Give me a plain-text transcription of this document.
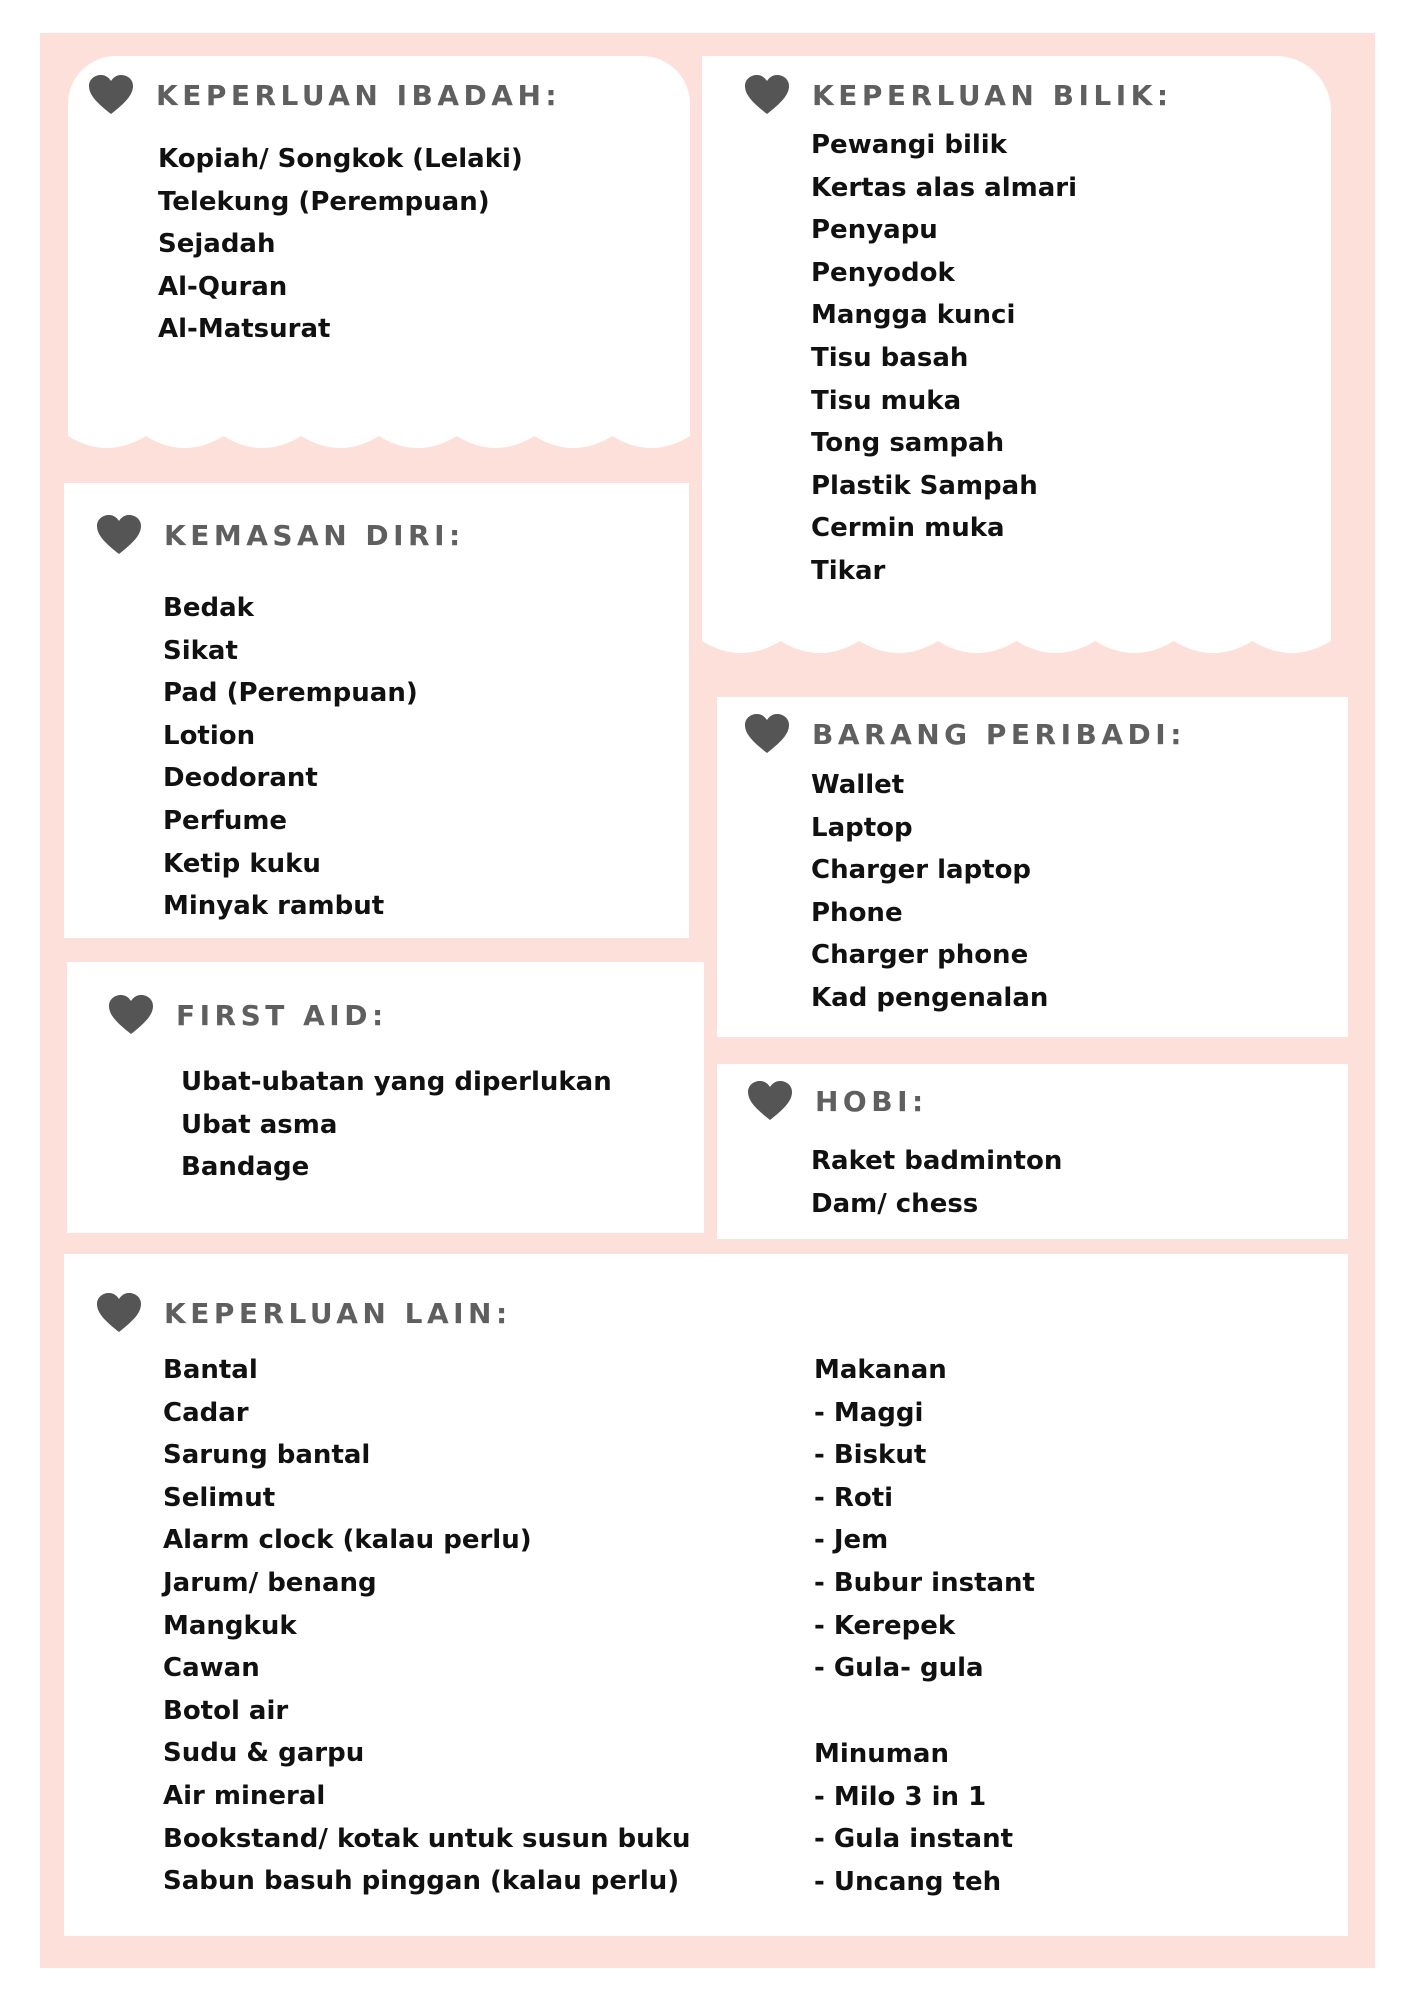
KEPERLUAN IBADAH:
Kopiah/ Songkok (Lelaki)
Telekung (Perempuan)
Sejadah
Al-Quran
Al-Matsurat
KEPERLUAN BILIK:
Pewangi bilik
Kertas alas almari
Penyapu
Penyodok
Mangga kunci
Tisu basah
Tisu muka
Tong sampah
Plastik Sampah
Cermin muka
Tikar
KEMASAN DIRI:
Bedak
Sikat
Pad (Perempuan)
Lotion
Deodorant
Perfume
Ketip kuku
Minyak rambut
BARANG PERIBADI:
Wallet
Laptop
Charger laptop
Phone
Charger phone
Kad pengenalan
FIRST AID:
Ubat-ubatan yang diperlukan
Ubat asma
Bandage
HOBI:
Raket badminton
Dam/ chess
KEPERLUAN LAIN:
Bantal
Cadar
Sarung bantal
Selimut
Alarm clock (kalau perlu)
Jarum/ benang
Mangkuk
Cawan
Botol air
Sudu & garpu
Air mineral
Bookstand/ kotak untuk susun buku
Sabun basuh pinggan (kalau perlu)
Makanan
- Maggi
- Biskut
- Roti
- Jem
- Bubur instant
- Kerepek
- Gula- gula
Minuman
- Milo 3 in 1
- Gula instant
- Uncang teh
